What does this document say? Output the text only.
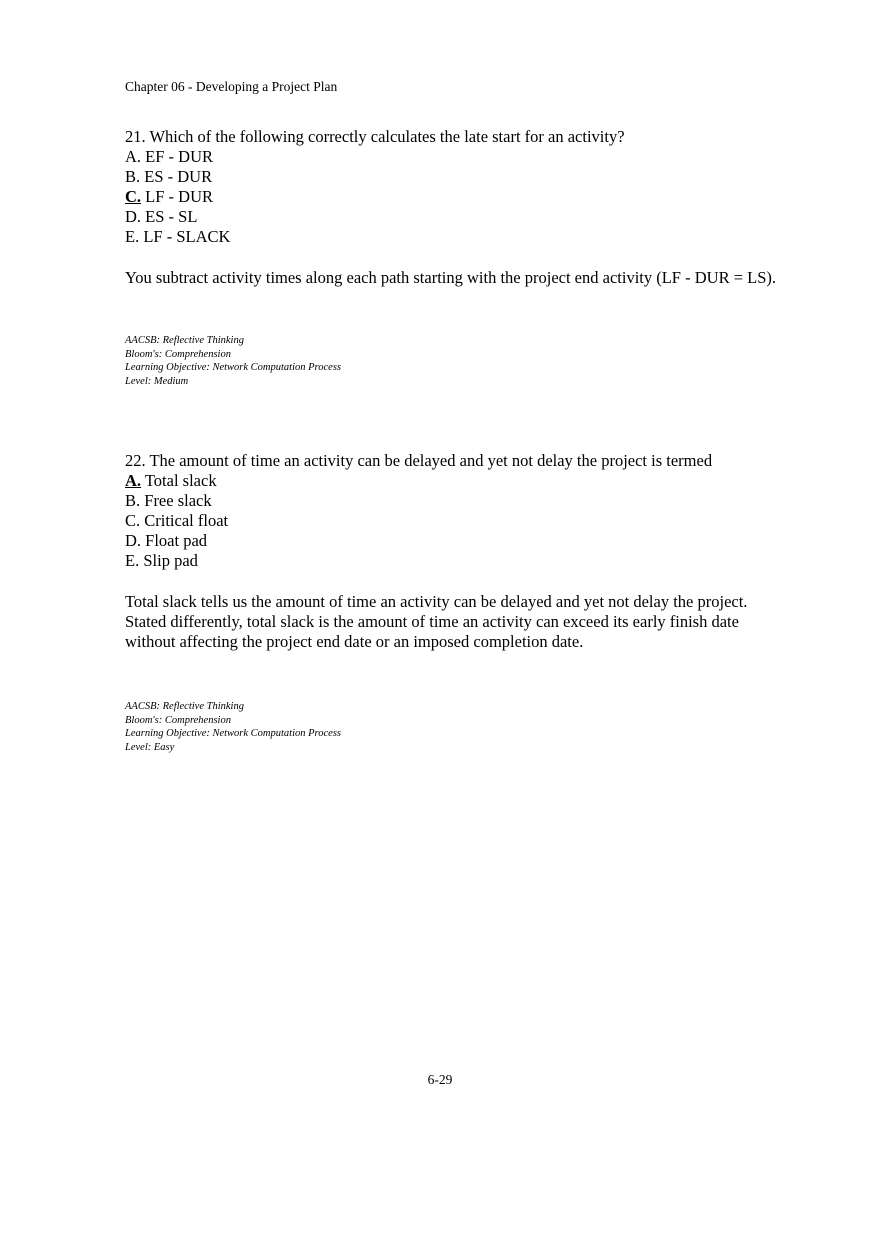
Chapter 06 - Developing a Project Plan
21. Which of the following correctly calculates the late start for an activity?
A. EF - DUR
B. ES - DUR
C. LF - DUR
D. ES - SL
E. LF - SLACK
You subtract activity times along each path starting with the project end activity (LF - DUR = LS).
AACSB: Reflective Thinking
Bloom's: Comprehension
Learning Objective: Network Computation Process
Level: Medium
22. The amount of time an activity can be delayed and yet not delay the project is termed
A. Total slack
B. Free slack
C. Critical float
D. Float pad
E. Slip pad
Total slack tells us the amount of time an activity can be delayed and yet not delay the project. Stated differently, total slack is the amount of time an activity can exceed its early finish date without affecting the project end date or an imposed completion date.
AACSB: Reflective Thinking
Bloom's: Comprehension
Learning Objective: Network Computation Process
Level: Easy
6-29
